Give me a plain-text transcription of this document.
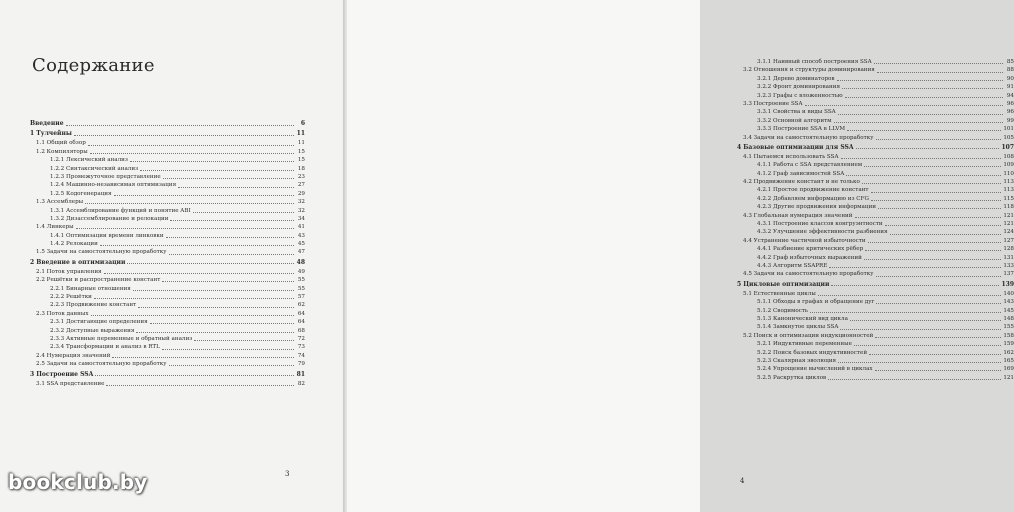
Содержание
Введение	6
1 Тулчейны	11
1.1 Общий обзор	11
1.2 Компиляторы	15
1.2.1 Лексический анализ	15
1.2.2 Синтаксический анализ	18
1.2.3 Промежуточное представление	23
1.2.4 Машинно-независимая оптимизация	27
1.2.5 Кодогенерация	29
1.3 Ассемблеры	32
1.3.1 Ассемблирование функций и понятие ABI	32
1.3.2 Дизассемблирование и релокации	34
1.4 Линкеры	41
1.4.1 Оптимизации времени линковки	43
1.4.2 Релокации	45
1.5 Задачи на самостоятельную проработку	47
2 Введение в оптимизации	48
2.1 Поток управления	49
2.2 Решётки и распространение констант	55
2.2.1 Бинарные отношения	55
2.2.2 Решётки	57
2.2.3 Продвижение констант	62
2.3 Поток данных	64
2.3.1 Достигающие определения	64
2.3.2 Доступные выражения	68
2.3.3 Активные переменные и обратный анализ	72
2.3.4 Трансформации и анализ в RTL	73
2.4 Нумерация значений	74
2.5 Задачи на самостоятельную проработку	79
3 Построение SSA	81
3.1 SSA представление	82
3
3.1.1 Наивный способ построения SSA	85
3.2 Отношения и структуры доминирования	88
3.2.1 Дерево доминаторов	90
3.2.2 Фронт доминирования	91
3.2.3 Графы с вложенностью	94
3.3 Построение SSA	96
3.3.1 Свойства и виды SSA	96
3.3.2 Основной алгоритм	99
3.3.3 Построение SSA в LLVM	101
3.4 Задачи на самостоятельную проработку	105
4 Базовые оптимизации для SSA	107
4.1 Пытаемся использовать SSA	108
4.1.1 Работа с SSA представлением	109
4.1.2 Граф зависимостей SSA	110
4.2 Продвижение констант и не только	113
4.2.1 Простое продвижение констант	113
4.2.2 Добавляем информацию из CFG	115
4.2.3 Другие продвижения информации	118
4.3 Глобальная нумерация значений	121
4.3.1 Построение классов конгруэнтности	121
4.3.2 Улучшение эффективности разбиения	124
4.4 Устранение частичной избыточности	127
4.4.1 Разбиение критических рёбер	128
4.4.2 Граф избыточных выражений	131
4.4.3 Алгоритм SSAPRE	133
4.5 Задачи на самостоятельную проработку	137
5 Цикловые оптимизации	139
5.1 Естественные циклы	140
5.1.1 Обходы в графах и обращение дуг	143
5.1.2 Сводимость	145
5.1.3 Канонический вид цикла	148
5.1.4 Замкнутое циклы SSA	155
5.2 Поиск и оптимизации индукционностей	158
5.2.1 Индуктивные переменные	159
5.2.2 Поиск базовых индуктивностей	162
5.2.3 Скалярная эволюция	165
5.2.4 Упрощение вычислений в циклах	169
5.2.5 Раскрутка циклов	121
4

bookclub.by
